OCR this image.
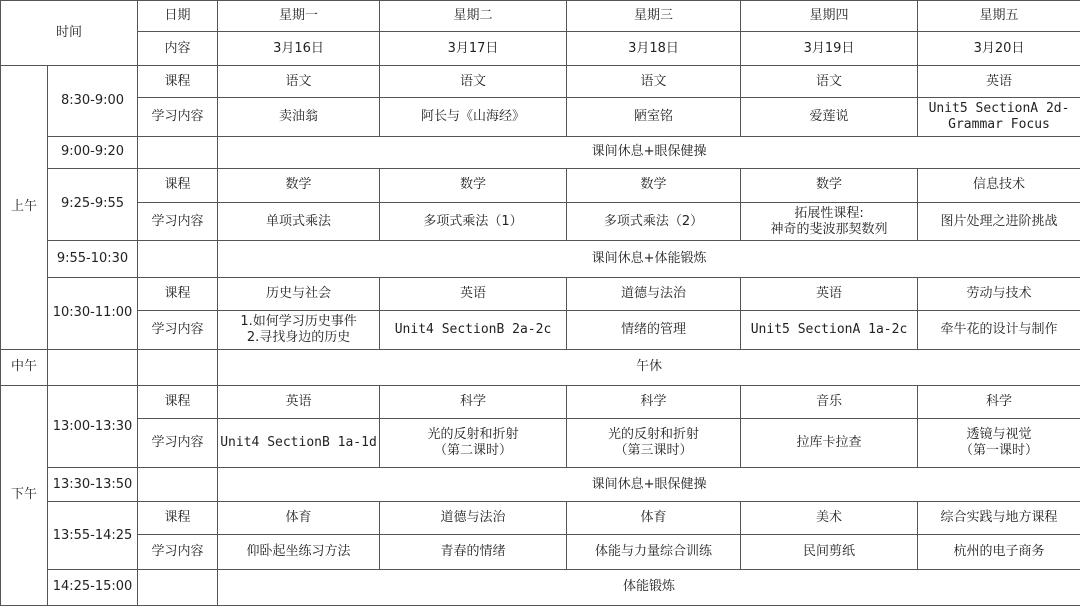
时间		日期	星期一	星期二	星期三	星期四	星期五
		内容	3月16日	3月17日	3月18日	3月19日	3月20日
上午	8:30-9:00	课程	语文	语文	语文	语文	英语
		学习内容	卖油翁	阿长与《山海经》	陋室铭	爱莲说	Unit5 SectionA 2d-
Grammar Focus

	9:00-9:20		课间休息+眼保健操				
	9:25-9:55	课程	数学	数学	数学	数学	信息技术
		学习内容	单项式乘法	多项式乘法（1）	多项式乘法（2）	拓展性课程:
神奇的斐波那契数列	图片处理之进阶挑战

	9:55-10:30		课间休息+体能锻炼				
	10:30-11:00	课程	历史与社会	英语	道德与法治	英语	劳动与技术
		学习内容	1.如何学习历史事件
2.寻找身边的历史	Unit4 SectionB 2a-2c	情绪的管理	Unit5 SectionA 1a-2c	牵牛花的设计与制作

中午			午休				
下午	13:00-13:30	课程	英语	科学	科学	音乐	科学
		学习内容	Unit4 SectionB 1a-1d	光的反射和折射
（第二课时）	光的反射和折射
（第三课时）	拉库卡拉查	透镜与视觉
（第一课时）

	13:30-13:50		课间休息+眼保健操				
	13:55-14:25	课程	体育	道德与法治	体育	美术	综合实践与地方课程
		学习内容	仰卧起坐练习方法	青春的情绪	体能与力量综合训练	民间剪纸	杭州的电子商务

	14:25-15:00		体能锻炼				
